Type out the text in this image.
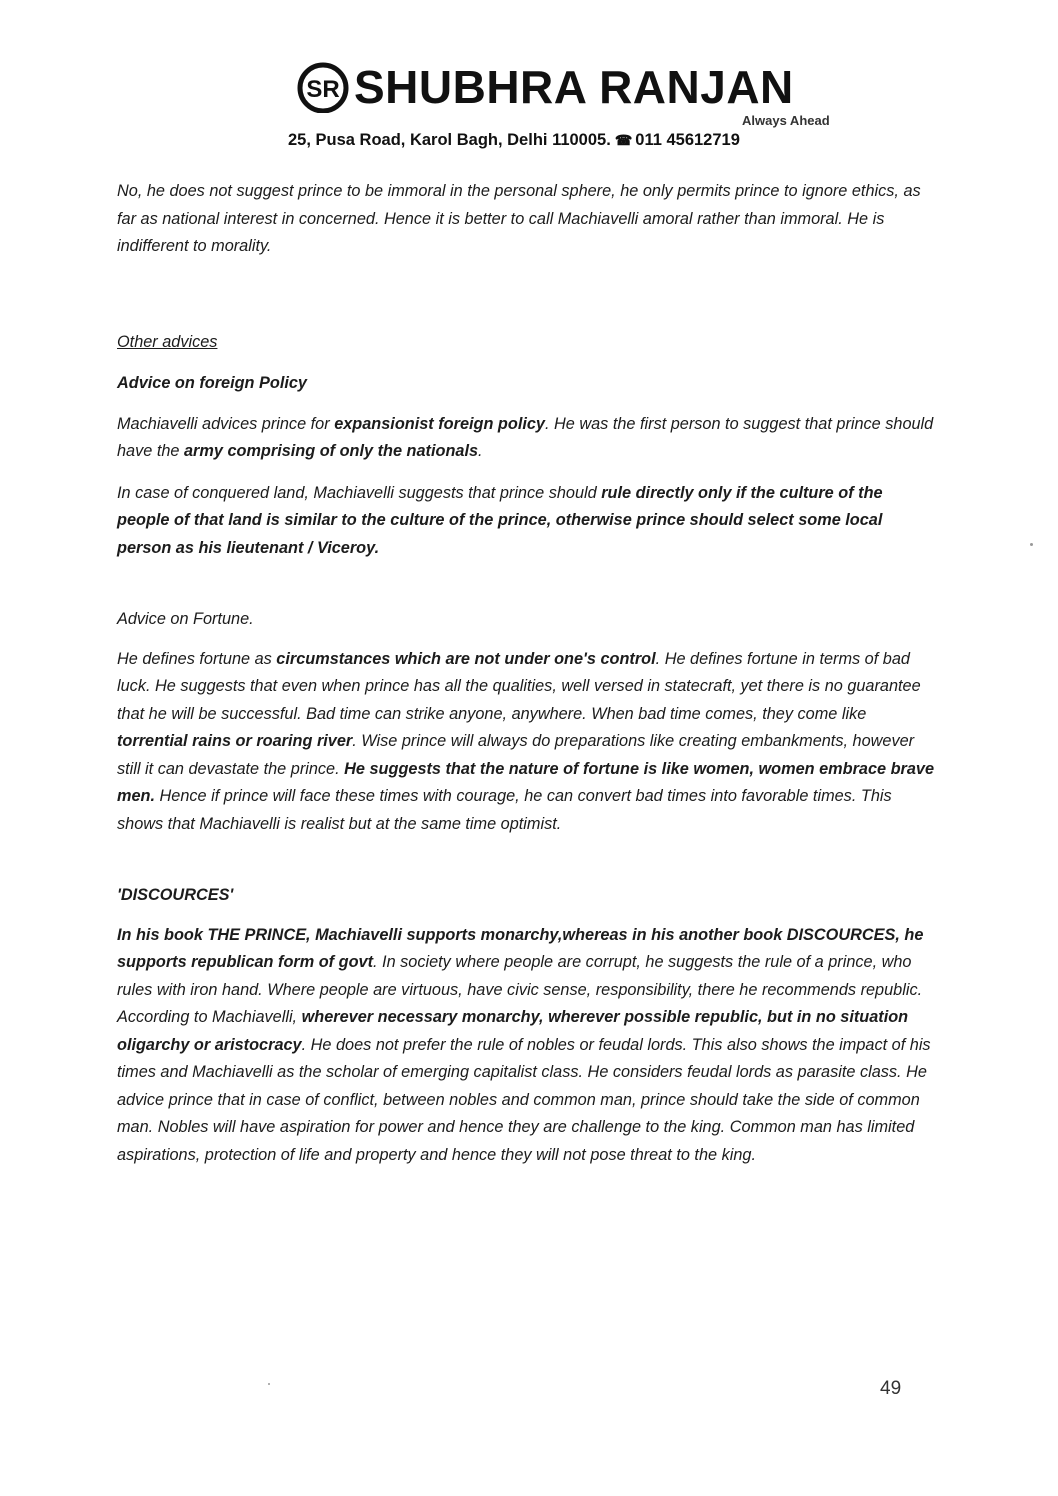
SR SHUBHRA RANJAN
Always Ahead
25, Pusa Road, Karol Bagh, Delhi 110005. ☎ 011 45612719

No, he does not suggest prince to be immoral in the personal sphere, he only permits prince to ignore ethics, as far as national interest in concerned. Hence it is better to call Machiavelli amoral rather than immoral. He is indifferent to morality.

Other advices

Advice on foreign Policy

Machiavelli advices prince for expansionist foreign policy. He was the first person to suggest that prince should have the army comprising of only the nationals.

In case of conquered land, Machiavelli suggests that prince should rule directly only if the culture of the people of that land is similar to the culture of the prince, otherwise prince should select some local person as his lieutenant / Viceroy.

Advice on Fortune.

He defines fortune as circumstances which are not under one's control. He defines fortune in terms of bad luck. He suggests that even when prince has all the qualities, well versed in statecraft, yet there is no guarantee that he will be successful. Bad time can strike anyone, anywhere. When bad time comes, they come like torrential rains or roaring river. Wise prince will always do preparations like creating embankments, however still it can devastate the prince. He suggests that the nature of fortune is like women, women embrace brave men. Hence if prince will face these times with courage, he can convert bad times into favorable times. This shows that Machiavelli is realist but at the same time optimist.

'DISCOURCES'

In his book THE PRINCE, Machiavelli supports monarchy,whereas in his another book DISCOURCES, he supports republican form of govt. In society where people are corrupt, he suggests the rule of a prince, who rules with iron hand. Where people are virtuous, have civic sense, responsibility, there he recommends republic. According to Machiavelli, wherever necessary monarchy, wherever possible republic, but in no situation oligarchy or aristocracy. He does not prefer the rule of nobles or feudal lords. This also shows the impact of his times and Machiavelli as the scholar of emerging capitalist class. He considers feudal lords as parasite class. He advice prince that in case of conflict, between nobles and common man, prince should take the side of common man. Nobles will have aspiration for power and hence they are challenge to the king. Common man has limited aspirations, protection of life and property and hence they will not pose threat to the king.

49
